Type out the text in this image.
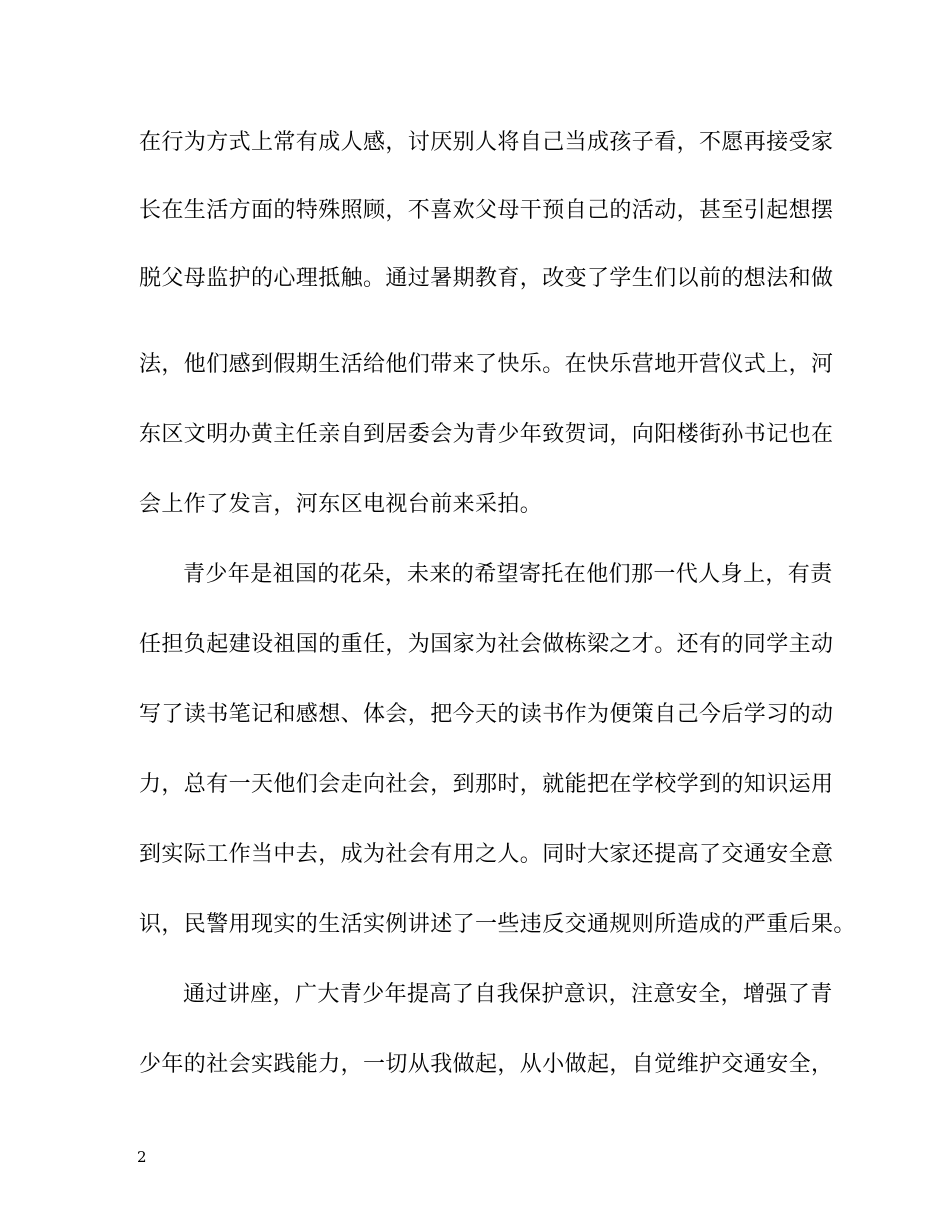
在行为方式上常有成人感，讨厌别人将自己当成孩子看，不愿再接受家
长在生活方面的特殊照顾，不喜欢父母干预自己的活动，甚至引起想摆
脱父母监护的心理抵触。通过暑期教育，改变了学生们以前的想法和做
法，他们感到假期生活给他们带来了快乐。在快乐营地开营仪式上，河
东区文明办黄主任亲自到居委会为青少年致贺词，向阳楼街孙书记也在
会上作了发言，河东区电视台前来采拍。
青少年是祖国的花朵，未来的希望寄托在他们那一代人身上，有责
任担负起建设祖国的重任，为国家为社会做栋梁之才。还有的同学主动
写了读书笔记和感想、体会，把今天的读书作为便策自己今后学习的动
力，总有一天他们会走向社会，到那时，就能把在学校学到的知识运用
到实际工作当中去，成为社会有用之人。同时大家还提高了交通安全意
识，民警用现实的生活实例讲述了一些违反交通规则所造成的严重后果。
通过讲座，广大青少年提高了自我保护意识，注意安全，增强了青
少年的社会实践能力，一切从我做起，从小做起，自觉维护交通安全，
2
